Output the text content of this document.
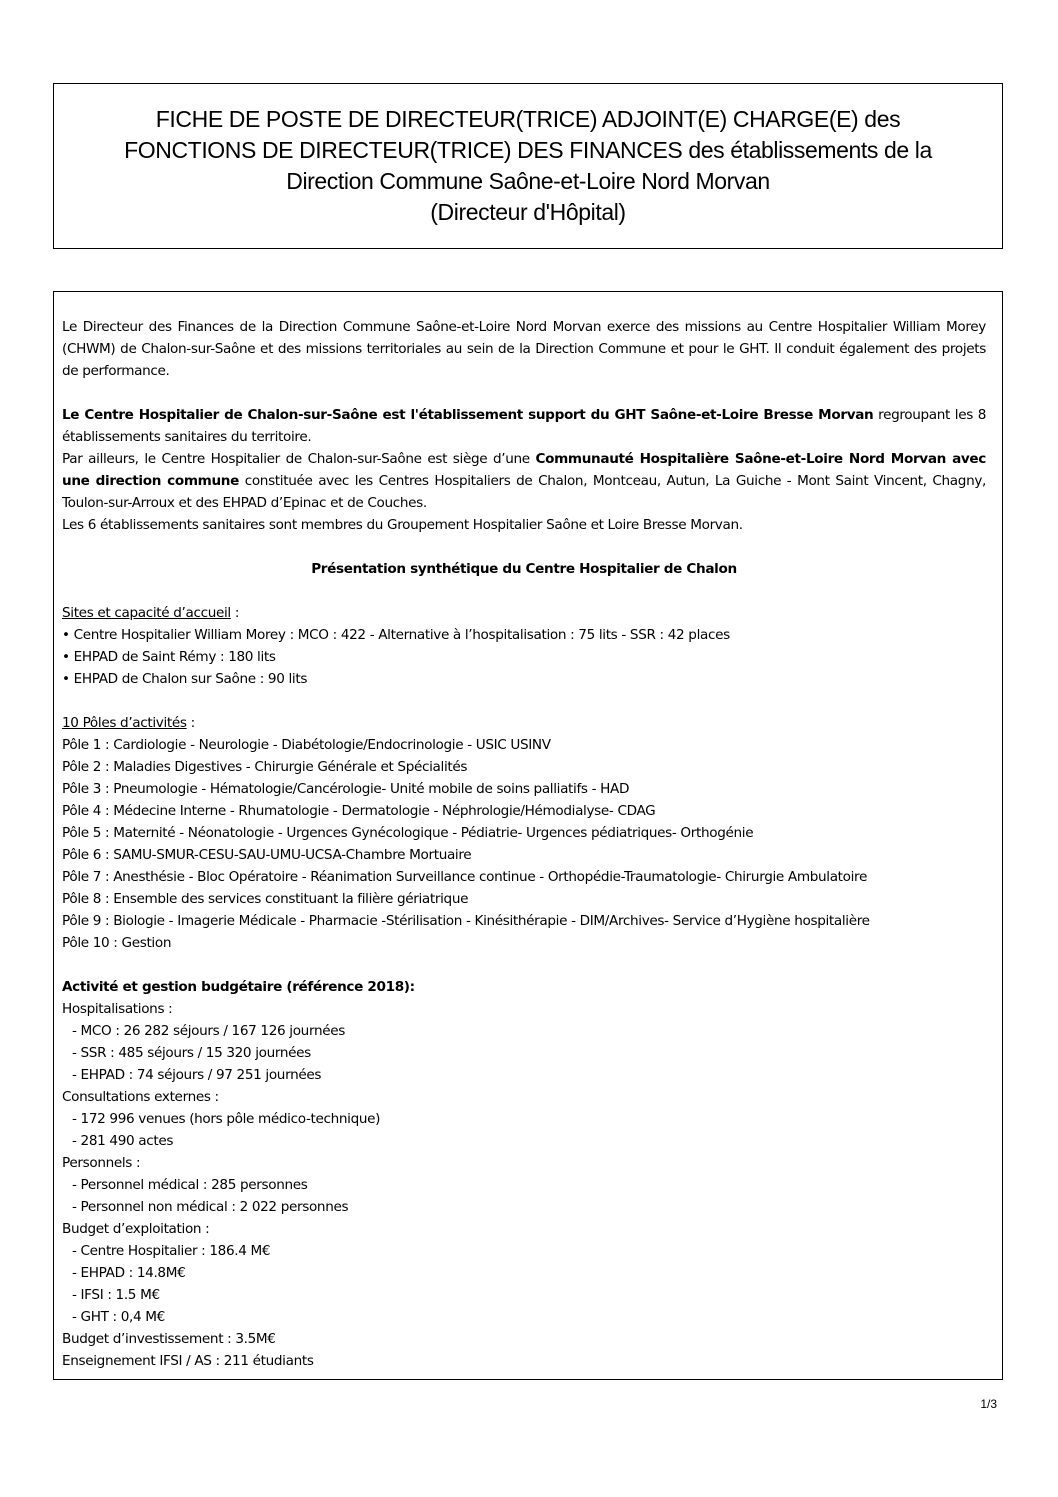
FICHE DE POSTE DE DIRECTEUR(TRICE) ADJOINT(E) CHARGE(E) des
FONCTIONS DE DIRECTEUR(TRICE) DES FINANCES des établissements de la
Direction Commune Saône-et-Loire Nord Morvan
(Directeur d'Hôpital)

Le Directeur des Finances de la Direction Commune Saône-et-Loire Nord Morvan exerce des missions au Centre Hospitalier William Morey (CHWM) de Chalon-sur-Saône et des missions territoriales au sein de la Direction Commune et pour le GHT. Il conduit également des projets de performance.

Le Centre Hospitalier de Chalon-sur-Saône est l'établissement support du GHT Saône-et-Loire Bresse Morvan regroupant les 8 établissements sanitaires du territoire.

Par ailleurs, le Centre Hospitalier de Chalon-sur-Saône est siège d’une Communauté Hospitalière Saône-et-Loire Nord Morvan avec une direction commune constituée avec les Centres Hospitaliers de Chalon, Montceau, Autun, La Guiche - Mont Saint Vincent, Chagny, Toulon-sur-Arroux et des EHPAD d’Epinac et de Couches.

Les 6 établissements sanitaires sont membres du Groupement Hospitalier Saône et Loire Bresse Morvan.

Présentation synthétique du Centre Hospitalier de Chalon

Sites et capacité d’accueil :

• Centre Hospitalier William Morey : MCO : 422 - Alternative à l’hospitalisation : 75 lits - SSR : 42 places

• EHPAD de Saint Rémy : 180 lits

• EHPAD de Chalon sur Saône : 90 lits

10 Pôles d’activités :

Pôle 1 : Cardiologie - Neurologie - Diabétologie/Endocrinologie - USIC USINV

Pôle 2 : Maladies Digestives - Chirurgie Générale et Spécialités

Pôle 3 : Pneumologie - Hématologie/Cancérologie- Unité mobile de soins palliatifs - HAD

Pôle 4 : Médecine Interne - Rhumatologie - Dermatologie - Néphrologie/Hémodialyse- CDAG

Pôle 5 : Maternité - Néonatologie - Urgences Gynécologique - Pédiatrie- Urgences pédiatriques- Orthogénie

Pôle 6 : SAMU-SMUR-CESU-SAU-UMU-UCSA-Chambre Mortuaire

Pôle 7 : Anesthésie - Bloc Opératoire - Réanimation Surveillance continue - Orthopédie-Traumatologie- Chirurgie Ambulatoire

Pôle 8 : Ensemble des services constituant la filière gériatrique

Pôle 9 : Biologie - Imagerie Médicale - Pharmacie -Stérilisation - Kinésithérapie - DIM/Archives- Service d’Hygiène hospitalière

Pôle 10 : Gestion

Activité et gestion budgétaire (référence 2018):

Hospitalisations :

- MCO : 26 282 séjours / 167 126 journées

- SSR : 485 séjours / 15 320 journées

- EHPAD : 74 séjours / 97 251 journées

Consultations externes :

- 172 996 venues (hors pôle médico-technique)

- 281 490 actes

Personnels :

- Personnel médical : 285 personnes

- Personnel non médical : 2 022 personnes

Budget d’exploitation :

- Centre Hospitalier : 186.4 M€

- EHPAD : 14.8M€

- IFSI : 1.5 M€

- GHT : 0,4 M€

Budget d’investissement : 3.5M€

Enseignement IFSI / AS : 211 étudiants

1/3
